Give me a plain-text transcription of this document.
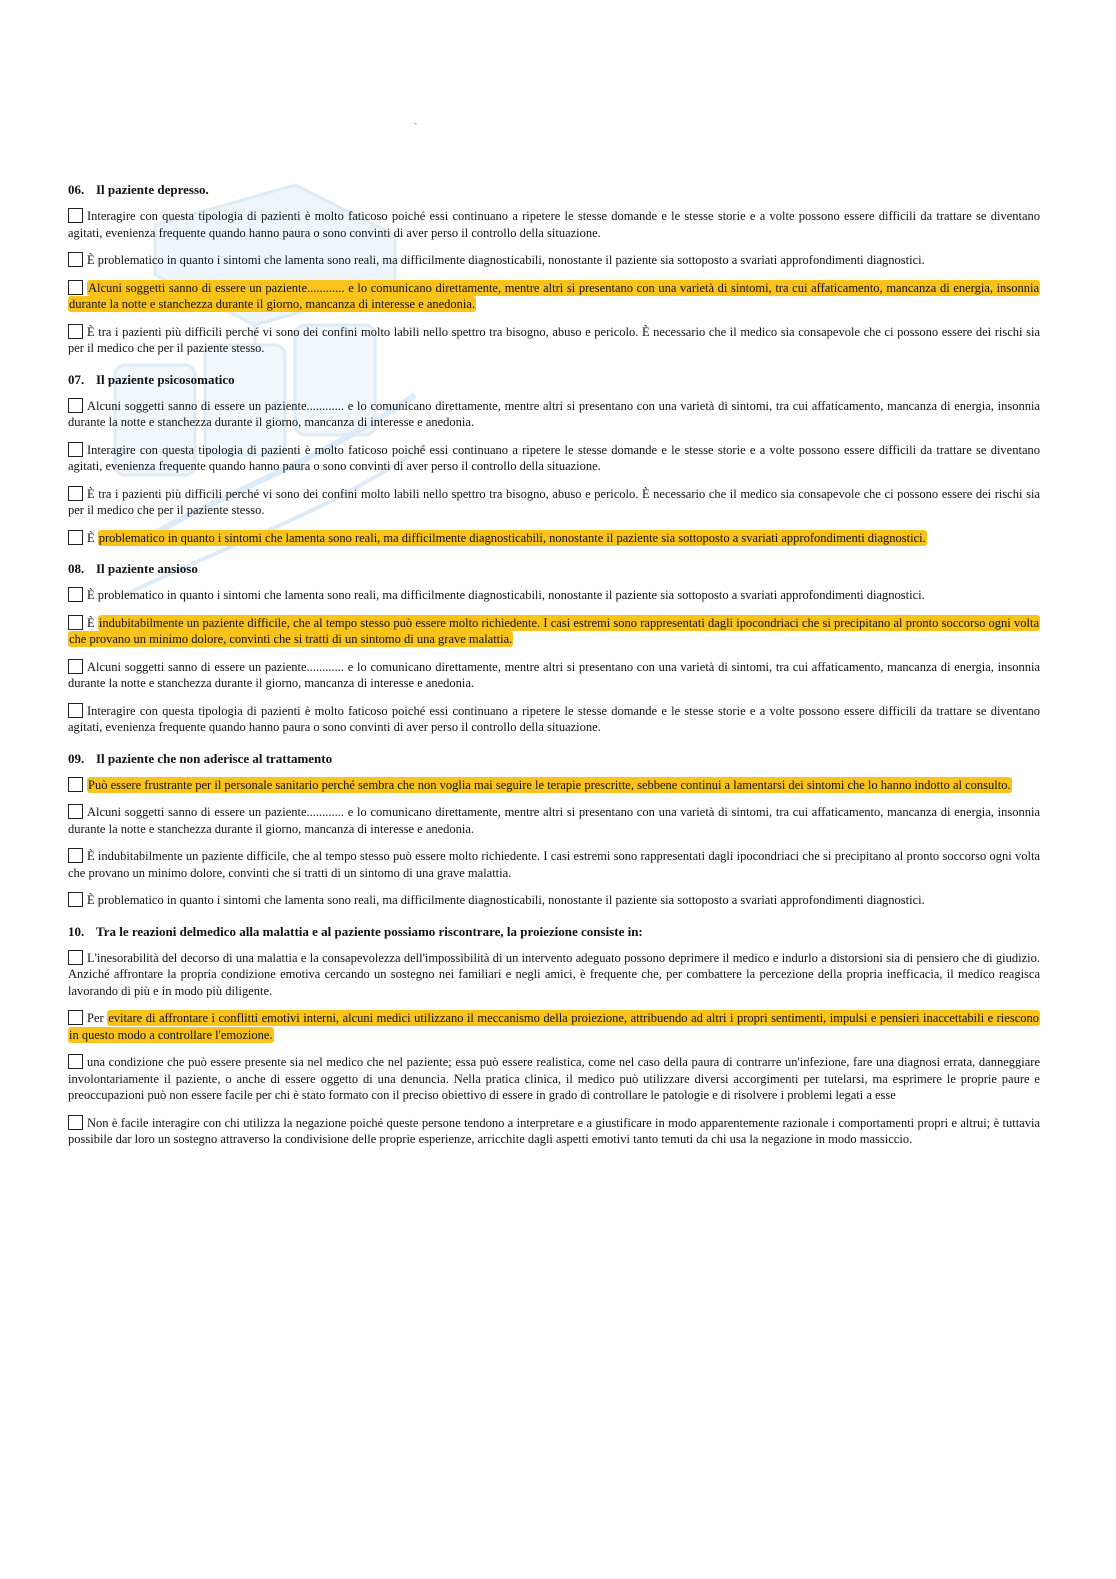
-
06. Il paziente depresso.
Interagire con questa tipologia di pazienti è molto faticoso poiché essi continuano a ripetere le stesse domande e le stesse storie e a volte possono essere difficili da trattare se diventano agitati, evenienza frequente quando hanno paura o sono convinti di aver perso il controllo della situazione.
È problematico in quanto i sintomi che lamenta sono reali, ma difficilmente diagnosticabili, nonostante il paziente sia sottoposto a svariati approfondimenti diagnostici.
Alcuni soggetti sanno di essere un paziente............ e lo comunicano direttamente, mentre altri si presentano con una varietà di sintomi, tra cui affaticamento, mancanza di energia, insonnia durante la notte e stanchezza durante il giorno, mancanza di interesse e anedonia.
È tra i pazienti più difficili perché vi sono dei confini molto labili nello spettro tra bisogno, abuso e pericolo. È necessario che il medico sia consapevole che ci possono essere dei rischi sia per il medico che per il paziente stesso.
07. Il paziente psicosomatico
Alcuni soggetti sanno di essere un paziente............ e lo comunicano direttamente, mentre altri si presentano con una varietà di sintomi, tra cui affaticamento, mancanza di energia, insonnia durante la notte e stanchezza durante il giorno, mancanza di interesse e anedonia.
Interagire con questa tipologia di pazienti è molto faticoso poiché essi continuano a ripetere le stesse domande e le stesse storie e a volte possono essere difficili da trattare se diventano agitati, evenienza frequente quando hanno paura o sono convinti di aver perso il controllo della situazione.
È tra i pazienti più difficili perché vi sono dei confini molto labili nello spettro tra bisogno, abuso e pericolo. È necessario che il medico sia consapevole che ci possono essere dei rischi sia per il medico che per il paziente stesso.
È problematico in quanto i sintomi che lamenta sono reali, ma difficilmente diagnosticabili, nonostante il paziente sia sottoposto a svariati approfondimenti diagnostici.
08. Il paziente ansioso
È problematico in quanto i sintomi che lamenta sono reali, ma difficilmente diagnosticabili, nonostante il paziente sia sottoposto a svariati approfondimenti diagnostici.
È indubitabilmente un paziente difficile, che al tempo stesso può essere molto richiedente. I casi estremi sono rappresentati dagli ipocondriaci che si precipitano al pronto soccorso ogni volta che provano un minimo dolore, convinti che si tratti di un sintomo di una grave malattia.
Alcuni soggetti sanno di essere un paziente............ e lo comunicano direttamente, mentre altri si presentano con una varietà di sintomi, tra cui affaticamento, mancanza di energia, insonnia durante la notte e stanchezza durante il giorno, mancanza di interesse e anedonia.
Interagire con questa tipologia di pazienti è molto faticoso poiché essi continuano a ripetere le stesse domande e le stesse storie e a volte possono essere difficili da trattare se diventano agitati, evenienza frequente quando hanno paura o sono convinti di aver perso il controllo della situazione.
09. Il paziente che non aderisce al trattamento
Può essere frustrante per il personale sanitario perché sembra che non voglia mai seguire le terapie prescritte, sebbene continui a lamentarsi dei sintomi che lo hanno indotto al consulto.
Alcuni soggetti sanno di essere un paziente............ e lo comunicano direttamente, mentre altri si presentano con una varietà di sintomi, tra cui affaticamento, mancanza di energia, insonnia durante la notte e stanchezza durante il giorno, mancanza di interesse e anedonia.
È indubitabilmente un paziente difficile, che al tempo stesso può essere molto richiedente. I casi estremi sono rappresentati dagli ipocondriaci che si precipitano al pronto soccorso ogni volta che provano un minimo dolore, convinti che si tratti di un sintomo di una grave malattia.
È problematico in quanto i sintomi che lamenta sono reali, ma difficilmente diagnosticabili, nonostante il paziente sia sottoposto a svariati approfondimenti diagnostici.
10. Tra le reazioni delmedico alla malattia e al paziente possiamo riscontrare, la proiezione consiste in:
L'inesorabilità del decorso di una malattia e la consapevolezza dell'impossibilità di un intervento adeguato possono deprimere il medico e indurlo a distorsioni sia di pensiero che di giudizio. Anziché affrontare la propria condizione emotiva cercando un sostegno nei familiari e negli amici, è frequente che, per combattere la percezione della propria inefficacia, il medico reagisca lavorando di più e in modo più diligente.
Per evitare di affrontare i conflitti emotivi interni, alcuni medici utilizzano il meccanismo della proiezione, attribuendo ad altri i propri sentimenti, impulsi e pensieri inaccettabili e riescono in questo modo a controllare l'emozione.
una condizione che può essere presente sia nel medico che nel paziente; essa può essere realistica, come nel caso della paura di contrarre un'infezione, fare una diagnosi errata, danneggiare involontariamente il paziente, o anche di essere oggetto di una denuncia. Nella pratica clinica, il medico può utilizzare diversi accorgimenti per tutelarsi, ma esprimere le proprie paure e preoccupazioni può non essere facile per chi è stato formato con il preciso obiettivo di essere in grado di controllare le patologie e di risolvere i problemi legati a esse
Non è facile interagire con chi utilizza la negazione poiché queste persone tendono a interpretare e a giustificare in modo apparentemente razionale i comportamenti propri e altrui; è tuttavia possibile dar loro un sostegno attraverso la condivisione delle proprie esperienze, arricchite dagli aspetti emotivi tanto temuti da chi usa la negazione in modo massiccio.
